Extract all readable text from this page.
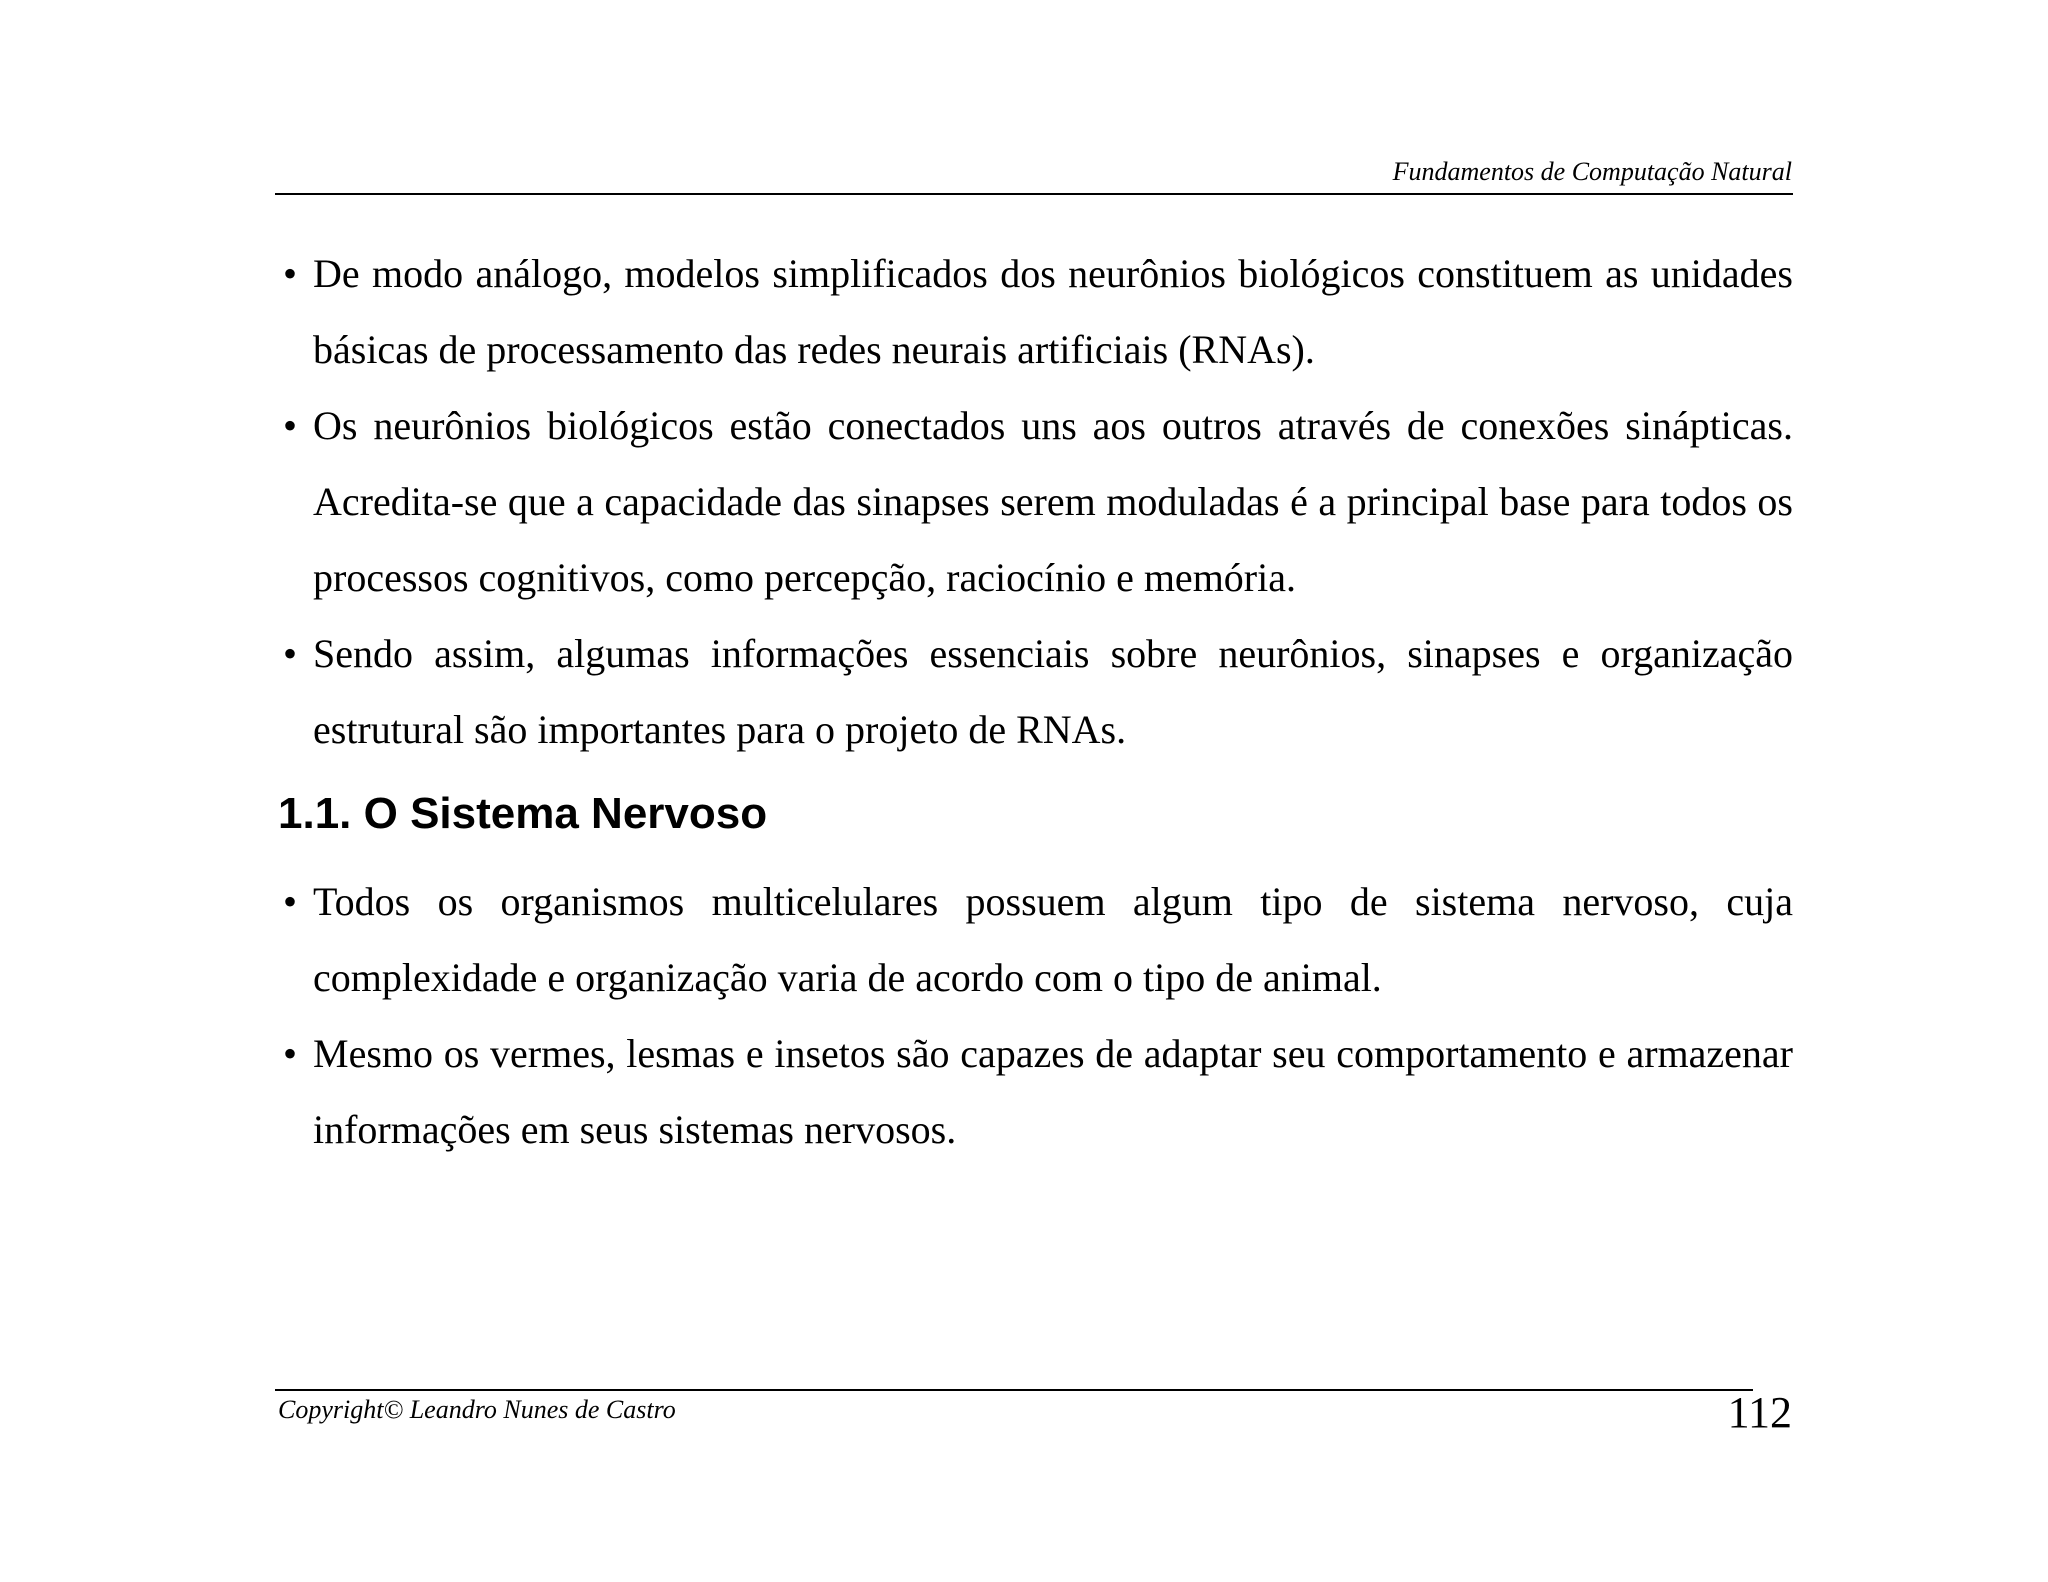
Fundamentos de Computação Natural
• De modo análogo, modelos simplificados dos neurônios biológicos constituem as unidades básicas de processamento das redes neurais artificiais (RNAs).
• Os neurônios biológicos estão conectados uns aos outros através de conexões sinápticas. Acredita-se que a capacidade das sinapses serem moduladas é a principal base para todos os processos cognitivos, como percepção, raciocínio e memória.
• Sendo assim, algumas informações essenciais sobre neurônios, sinapses e organização estrutural são importantes para o projeto de RNAs.
1.1. O Sistema Nervoso
• Todos os organismos multicelulares possuem algum tipo de sistema nervoso, cuja complexidade e organização varia de acordo com o tipo de animal.
• Mesmo os vermes, lesmas e insetos são capazes de adaptar seu comportamento e armazenar informações em seus sistemas nervosos.
Copyright© Leandro Nunes de Castro	112
